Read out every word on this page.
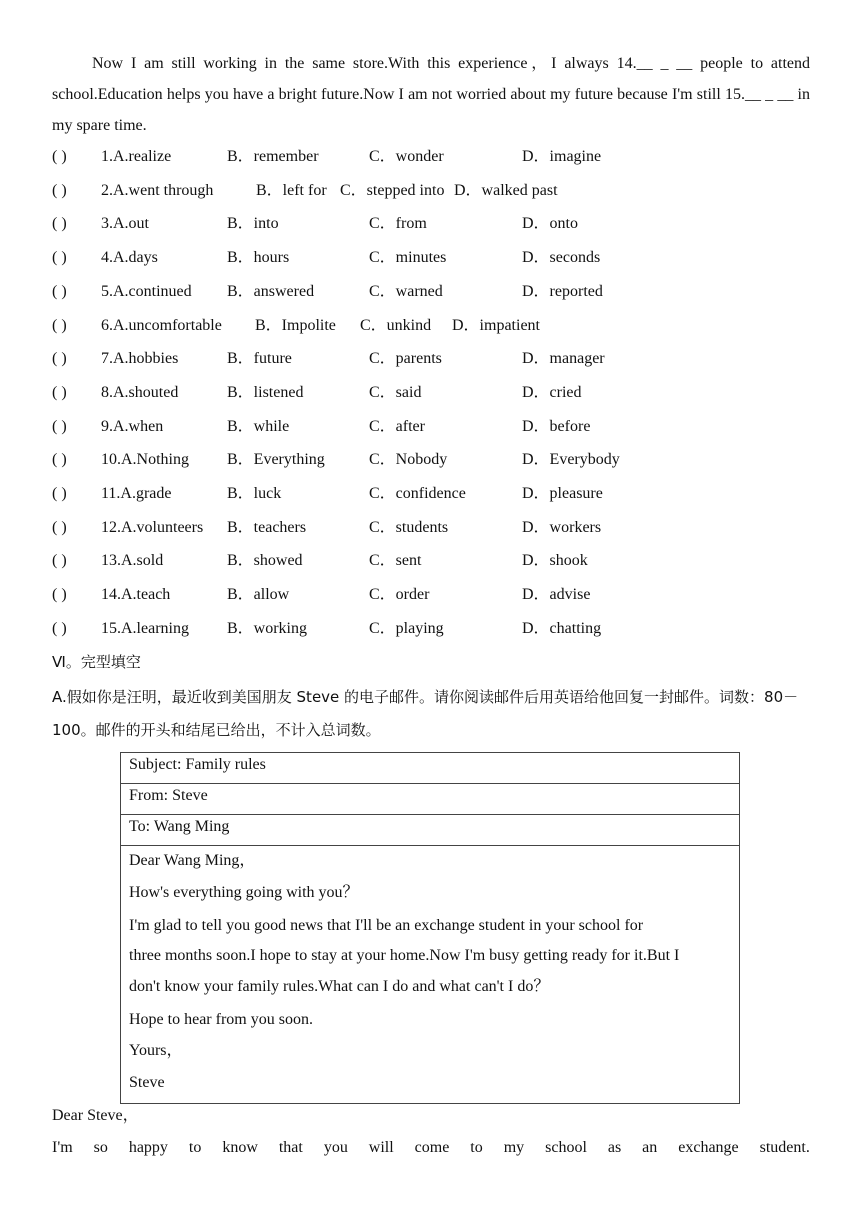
Now I am still working in the same store.With this experience，I always 14.__ _ __ people to attend school.Education helps you have a bright future.Now I am not worried about my future because I'm still 15.__ _ __ in my spare time.

( ) 1.A.realize	B．remember	C．wonder	D．imagine
( ) 2.A.went through	B．left for C．stepped into D．walked past
( ) 3.A.out	B．into	C．from	D．onto
( ) 4.A.days	B．hours	C．minutes	D．seconds
( ) 5.A.continued B．answered	C．warned	D．reported
( ) 6.A.uncomfortable B．Impolite C．unkind D．impatient
( ) 7.A.hobbies	B．future	C．parents	D．manager
( ) 8.A.shouted	B．listened	C．said	D．cried
( ) 9.A.when	B．while	C．after	D．before
( ) 10.A.Nothing B．Everything	C．Nobody	D．Everybody
( ) 11.A.grade	B．luck	C．confidence	D．pleasure
( ) 12.A.volunteers B．teachers	C．students	D．workers
( ) 13.A.sold	B．showed	C．sent	D．shook
( ) 14.A.teach	B．allow	C．order	D．advise
( ) 15.A.learning B．working	C．playing	D．chatting
Ⅵ。完型填空

A.假如你是汪明，最近收到美国朋友 Steve 的电子邮件。请你阅读邮件后用英语给他回复一封邮件。词数：80－100。邮件的开头和结尾已给出，不计入总词数。

Subject: Family rules
From: Steve
To: Wang Ming
Dear Wang Ming，
How's everything going with you？
I'm glad to tell you good news that I'll be an exchange student in your school for
three months soon.I hope to stay at your home.Now I'm busy getting ready for it.But I
don't know your family rules.What can I do and what can't I do？
Hope to hear from you soon.
Yours，
Steve
Dear Steve，
I'm so happy to know that you will come to my school as an exchange student.
